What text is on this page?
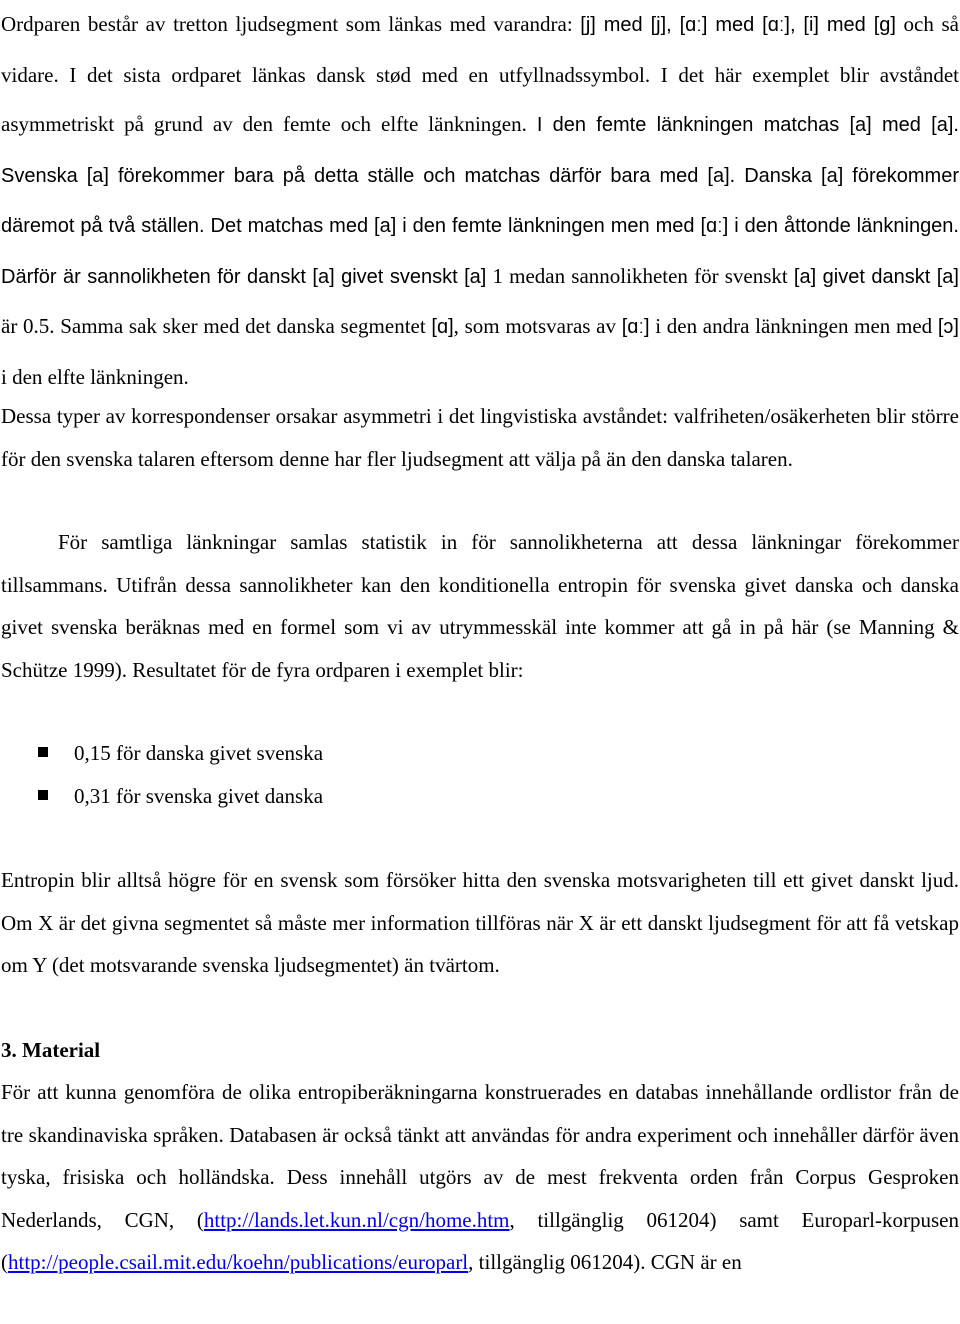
Ordparen består av tretton ljudsegment som länkas med varandra: [j] med [j], [ɑː] med [ɑː], [i] med [g] och så vidare. I det sista ordparet länkas dansk stød med en utfyllnadssymbol. I det här exemplet blir avståndet asymmetriskt på grund av den femte och elfte länkningen. I den femte länkningen matchas [a] med [a]. Svenska [a] förekommer bara på detta ställe och matchas därför bara med [a]. Danska [a] förekommer däremot på två ställen. Det matchas med [a] i den femte länkningen men med [ɑː] i den åttonde länkningen. Därför är sannolikheten för danskt [a] givet svenskt [a] 1 medan sannolikheten för svenskt [a] givet danskt [a] är 0.5. Samma sak sker med det danska segmentet [ɑ], som motsvaras av [ɑː] i den andra länkningen men med [ɔ] i den elfte länkningen.

Dessa typer av korrespondenser orsakar asymmetri i det lingvistiska avståndet: valfriheten/osäkerheten blir större för den svenska talaren eftersom denne har fler ljudsegment att välja på än den danska talaren.

För samtliga länkningar samlas statistik in för sannolikheterna att dessa länkningar förekommer tillsammans. Utifrån dessa sannolikheter kan den konditionella entropin för svenska givet danska och danska givet svenska beräknas med en formel som vi av utrymmesskäl inte kommer att gå in på här (se Manning & Schütze 1999). Resultatet för de fyra ordparen i exemplet blir:

0,15 för danska givet svenska
0,31 för svenska givet danska

Entropin blir alltså högre för en svensk som försöker hitta den svenska motsvarigheten till ett givet danskt ljud. Om X är det givna segmentet så måste mer information tillföras när X är ett danskt ljudsegment för att få vetskap om Y (det motsvarande svenska ljudsegmentet) än tvärtom.

3. Material

För att kunna genomföra de olika entropiberäkningarna konstruerades en databas innehållande ordlistor från de tre skandinaviska språken. Databasen är också tänkt att användas för andra experiment och innehåller därför även tyska, frisiska och holländska. Dess innehåll utgörs av de mest frekventa orden från Corpus Gesproken Nederlands, CGN, (http://lands.let.kun.nl/cgn/home.htm, tillgänglig 061204) samt Europarl-korpusen (http://people.csail.mit.edu/koehn/publications/europarl, tillgänglig 061204). CGN är en
